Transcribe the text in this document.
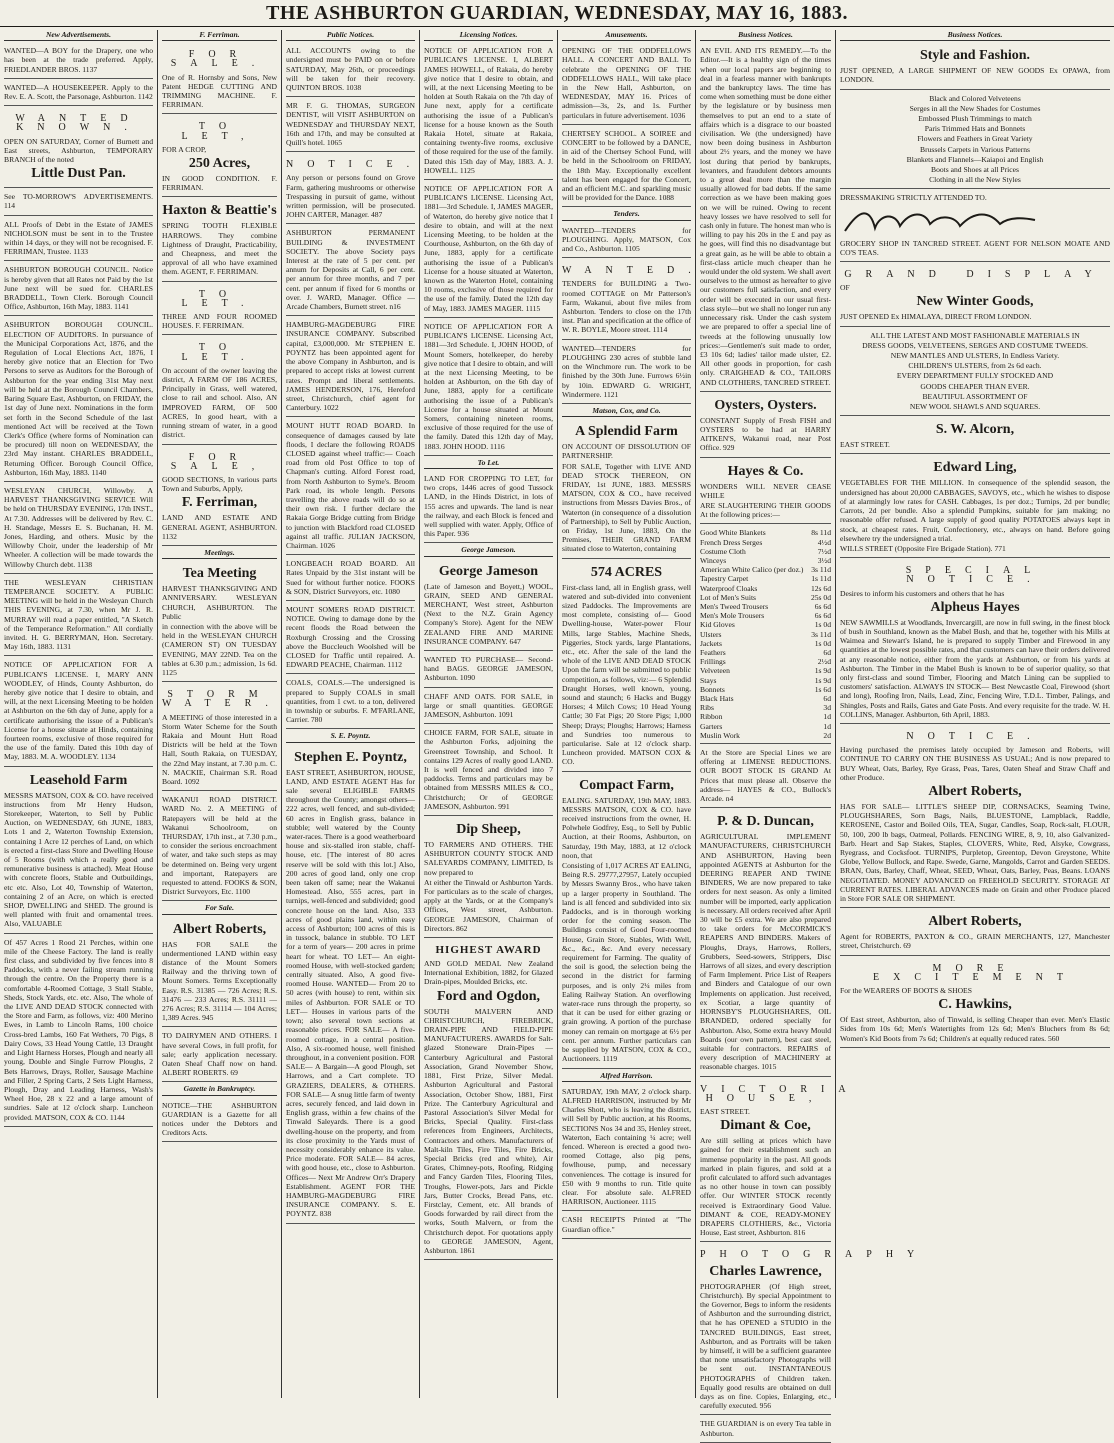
THE ASHBURTON GUARDIAN, WEDNESDAY, MAY 16, 1883.
New Advertisements.

WANTED—A BOY for the Drapery, one who has been at the trade preferred. Apply, FRIEDLANDER BROS. 1137

WANTED—A HOUSEKEEPER. Apply to the Rev. E. A. Scott, the Parsonage, Ashburton. 1142

WANTED KNOWN.

OPEN ON SATURDAY, Corner of Burnett and East streets, Ashburton, TEMPORARY BRANCH of the noted

Little Dust Pan.

See TO-MORROW'S ADVERTISEMENTS. 114

ALL Proofs of Debt in the Estate of JAMES NICHOLSON must be sent in to the Trustee within 14 days, or they will not be recognised. F. FERRIMAN, Trustee. 1133

ASHBURTON BOROUGH COUNCIL. Notice is hereby given that all Rates not Paid by the 1st June next will be sued for. CHARLES BRADDELL, Town Clerk. Borough Council Office, Ashburton, 16th May, 1883. 1141

ASHBURTON BOROUGH COUNCIL. ELECTION OF AUDITORS. In pursuance of the Municipal Corporations Act, 1876, and the Regulation of Local Elections Act, 1876, I hereby give notice that an Election for Two Persons to serve as Auditors for the Borough of Ashburton for the year ending 31st May next will be held at the Borough Council Chambers, Baring Square East, Ashburton, on FRIDAY, the 1st day of June next. Nominations in the form set forth in the Second Schedule of the last mentioned Act will be received at the Town Clerk's Office (where forms of Nomination can be procured) till noon on WEDNESDAY, the 23rd May instant. CHARLES BRADDELL, Returning Officer. Borough Council Office, Ashburton, 16th May, 1883. 1140

WESLEYAN CHURCH, Willowby. A HARVEST THANKSGIVING SERVICE Will be held on THURSDAY EVENING, 17th INST., At 7.30. Addresses will be delivered by Rev. C. H. Standage, Messrs E. S. Buchanan, H. M. Jones, Harding, and others. Music by the Willowby Choir, under the leadership of Mr Wheeler. A collection will be made towards the Willowby Church debt. 1138

THE WESLEYAN CHRISTIAN TEMPERANCE SOCIETY. A PUBLIC MEETING will be held in the Wesleyan Church THIS EVENING, at 7.30, when Mr J. R. MURRAY will read a paper entitled, "A Sketch of the Temperance Reformation." All cordially invited. H. G. BERRYMAN, Hon. Secretary. May 16th, 1883. 1131

NOTICE OF APPLICATION FOR A PUBLICAN'S LICENSE. I, MARY ANN WOODLEY, of Hinds, County Ashburton, do hereby give notice that I desire to obtain, and will, at the next Licensing Meeting to be holden at Ashburton on the 6th day of June, apply for a certificate authorising the issue of a Publican's License for a house situate at Hinds, containing fourteen rooms, exclusive of those required for the use of the family. Dated this 10th day of May, 1883. M. A. WOODLEY. 1134

Leasehold Farm

MESSRS MATSON, COX & CO. have received instructions from Mr Henry Hudson, Storekeeper, Waterton, to Sell by Public Auction, on WEDNESDAY, 6th JUNE, 1883, Lots 1 and 2, Waterton Township Extension, containing 1 Acre 12 perches of Land, on which is erected a first-class Store and Dwelling House of 5 Rooms (with which a really good and remunerative business is attached). Meat House with concrete floors, Stable and Outbuildings, etc etc. Also, Lot 40, Township of Waterton, containing 2 of an Acre, on which is erected SHOP, DWELLING and SHED. The ground is well planted with fruit and ornamental trees. Also, VALUABLE

Of 457 Acres 1 Rood 21 Perches, within one mile of the Cheese Factory. The land is really first class, and subdivided by five fences into 8 Paddocks, with a never failing stream running through the centre. On the Property there is a comfortable 4-Roomed Cottage, 3 Stall Stable, Sheds, Stock Yards, etc. etc. Also, The whole of the LIVE AND DEAD STOCK connected with the Store and Farm, as follows, viz: 400 Merino Ewes, in Lamb to Lincoln Rams, 100 choice Cross-bred Lambs, 160 Fat Wethers, 70 Pigs, 8 Dairy Cows, 33 Head Young Cattle, 13 Draught and Light Harness Horses, Plough and nearly all young, Double and Single Furrow Ploughs, 2 Bets Harrows, Drays, Roller, Sausage Machine and Filler, 2 Spring Carts, 2 Sets Light Harness, Plough, Dray and Leading Harness, Wash's Wheel Hoe, 28 x 22 and a large amount of sundries. Sale at 12 o'clock sharp. Luncheon provided. MATSON, COX & CO. 1144

F. Ferriman.
FOR SALE.

One of R. Hornsby and Sons, New Patent HEDGE CUTTING AND TRIMMING MACHINE. F. FERRIMAN.

TO LET,

FOR A CROP,

250 Acres,

IN GOOD CONDITION. F. FERRIMAN.

Haxton & Beattie's

SPRING TOOTH FLEXIBLE HARROWS. They combine Lightness of Draught, Practicability, and Cheapness, and meet the approval of all who have examined them. AGENT, F. FERRIMAN.

TO LET.

THREE AND FOUR ROOMED HOUSES. F. FERRIMAN.

TO LET.

On account of the owner leaving the district, A FARM OF 186 ACRES, Principally in Grass, well watered, close to rail and school. Also, AN IMPROVED FARM, OF 500 ACRES, In good heart, with a running stream of water, in a good district.

FOR SALE,

GOOD SECTIONS, In various parts Town and Suburbs, Apply,

F. Ferriman,

LAND AND ESTATE AND GENERAL AGENT, ASHBURTON. 1132

Meetings.
Tea Meeting

HARVEST THANKSGIVING AND ANNIVERSARY. WESLEYAN CHURCH, ASHBURTON. The Public

in connection with the above will be held in the WESLEYAN CHURCH (CAMERON ST) ON TUESDAY EVENING, MAY 22ND. Tea on the tables at 6.30 p.m.; admission, 1s 6d. 1125

STORM WATER.

A MEETING of those interested in a Storm Water Scheme for the South Rakaia and Mount Hutt Road Districts will be held at the Town Hall, South Rakaia, on TUESDAY, the 22nd May instant, at 7.30 p.m. C. N. MACKIE, Chairman S.R. Road Board. 1092

WAKANUI ROAD DISTRICT. WARD No. 2. A MEETING of Ratepayers will be held at the Wakanui Schoolroom, on THURSDAY, 17th inst., at 7.30 p.m., to consider the serious encroachment of water, and take such steps as may be determined on. Being very urgent and important, Ratepayers are requested to attend. FOOKS & SON, District Surveyors, Etc. 1100

For Sale.
Albert Roberts,

HAS FOR SALE the undermentioned LAND within easy distance of the Mount Somers Railway and the thriving town of Mount Somers. Terms Exceptionally Easy. R.S. 31385 — 726 Acres; R.S. 31476 — 233 Acres; R.S. 31111 — 276 Acres; R.S. 31114 — 104 Acres; 1,389 Acres. 945

TO DAIRYMEN AND OTHERS. I have several Cows, in full profit, for sale; early application necessary. Oaten Sheaf Chaff now on hand. ALBERT ROBERTS. 69

Gazette in Bankruptcy.

NOTICE—THE ASHBURTON GUARDIAN is a Gazette for all notices under the Debtors and Creditors Acts.

Public Notices.

ALL ACCOUNTS owing to the undersigned must be PAID on or before SATURDAY, May 26th, or proceedings will be taken for their recovery. QUINTON BROS. 1038

MR F. G. THOMAS, SURGEON DENTIST, will VISIT ASHBURTON on WEDNESDAY and THURSDAY NEXT, 16th and 17th, and may be consulted at Quill's hotel. 1065

NOTICE.

Any person or persons found on Grove Farm, gathering mushrooms or otherwise Trespassing in pursuit of game, without written permission, will be prosecuted. JOHN CARTER, Manager. 487

ASHBURTON PERMANENT BUILDING & INVESTMENT SOCIETY. The above Society pays Interest at the rate of 5 per cent. per annum for Deposits at Call, 6 per cent. per annum for three months, and 7 per cent. per annum if fixed for 6 months or over. J. WARD, Manager. Office — Arcade Chambers, Burnett street. n16

HAMBURG-MAGDEBURG FIRE INSURANCE COMPANY. Subscribed capital, £3,000,000. Mr STEPHEN E. POYNTZ has been appointed agent for the above Company in Ashburton, and is prepared to accept risks at lowest current rates. Prompt and liberal settlements. JAMES HENDERSON, 176, Hereford street, Christchurch, chief agent for Canterbury. 1022

MOUNT HUTT ROAD BOARD. In consequence of damages caused by late floods, I declare the following ROADS CLOSED against wheel traffic:— Coach road from old Post Office to top of Chapman's cutting. Alford Forest road, from North Ashburton to Syme's. Broom Park road, its whole length. Persons travelling the above roads will do so at their own risk. I further declare the Rakaia Gorge Bridge cutting from Bridge to junction with Blackford road CLOSED against all traffic. JULIAN JACKSON, Chairman. 1026

LONGBEACH ROAD BOARD. All Rates Unpaid by the 31st instant will be Sued for without further notice. FOOKS & SON, District Surveyors, etc. 1080

MOUNT SOMERS ROAD DISTRICT. NOTICE. Owing to damage done by the recent floods the Road between the Roxburgh Crossing and the Crossing above the Buccleuch Woolshed will be CLOSED for Traffic until repaired. A. EDWARD PEACHE, Chairman. 1112

COALS, COALS.—The undersigned is prepared to Supply COALS in small quantities, from 1 cwt. to a ton, delivered in township or suburbs. F. M'FARLANE, Carrier. 780

S. E. Poyntz.
Stephen E. Poyntz,

EAST STREET, ASHBURTON, HOUSE, LAND, AND ESTATE AGENT Has for sale several ELIGIBLE FARMS throughout the County; amongst others— 222 acres, well fenced, and sub-divided; 60 acres in English grass, balance in stubble; well watered by the County water-races. There is a good weatherboard house and six-stalled iron stable, chaff-house, etc. [The interest of 80 acres reserve will be sold with this lot.] Also, 200 acres of good land, only one crop been taken off same; near the Wakanui Homestead. Also, 555 acres, part in turnips, well-fenced and subdivided; good concrete house on the land. Also, 333 acres of good plains land, within easy access of Ashburton; 100 acres of this is in tussock, balance in stubble. TO LET for a term of years— 200 acres in prime heart for wheat. TO LET— An eight-roomed House, with well-stocked garden; centrally situated. Also, A good five-roomed House. WANTED— From 20 to 50 acres (with house) to rent, within six miles of Ashburton. FOR SALE or TO LET— Houses in various parts of the town; also several town sections at reasonable prices. FOR SALE— A five-roomed cottage, in a central position. Also, A six-roomed house, well finished throughout, in a convenient position. FOR SALE— A Bargain—A good Plough, set Harrows, and a Cart complete. TO GRAZIERS, DEALERS, & OTHERS. FOR SALE— A snug little farm of twenty acres, securely fenced, and laid down in English grass, within a few chains of the Tinwald Saleyards. There is a good dwelling-house on the property, and from its close proximity to the Yards must of necessity considerably enhance its value. Price moderate. FOR SALE— 84 acres, with good house, etc., close to Ashburton. Offices— Next Mr Andrew Orr's Drapery Establishment. AGENT FOR THE HAMBURG-MAGDEBURG FIRE INSURANCE COMPANY. S. E. POYNTZ. 838

Licensing Notices.

NOTICE OF APPLICATION FOR A PUBLICAN'S LICENSE. I, ALBERT JAMES HOWELL, of Rakaia, do hereby give notice that I desire to obtain, and will, at the next Licensing Meeting to be holden at South Rakaia on the 7th day of June next, apply for a certificate authorising the issue of a Publican's license for a house known as the South Rakaia Hotel, situate at Rakaia, containing twenty-five rooms, exclusive of those required for the use of the family. Dated this 15th day of May, 1883. A. J. HOWELL. 1125

NOTICE OF APPLICATION FOR A PUBLICAN'S LICENSE. Licensing Act, 1881—3rd Schedule. I, JAMES MAGER, of Waterton, do hereby give notice that I desire to obtain, and will at the next Licensing Meeting, to be holden at the Courthouse, Ashburton, on the 6th day of June, 1883, apply for a certificate authorising the issue of a Publican's License for a house situated at Waterton, known as the Waterton Hotel, containing 10 rooms, exclusive of those required for the use of the family. Dated the 12th day of May, 1883. JAMES MAGER. 1115

NOTICE OF APPLICATION FOR A PUBLICAN'S LICENSE. Licensing Act, 1881—3rd Schedule. I, JOHN HOOD, of Mount Somers, hotelkeeper, do hereby give notice that I desire to obtain, and will at the next Licensing Meeting, to be holden at Ashburton, on the 6th day of June, 1883, apply for a certificate authorising the issue of a Publican's License for a house situated at Mount Somers, containing nineteen rooms, exclusive of those required for the use of the family. Dated this 12th day of May, 1883. JOHN HOOD. 1116

To Let.

LAND FOR CROPPING TO LET, for two crops, 1446 acres of good Tussock LAND, in the Hinds District, in lots of 155 acres and upwards. The land is near the railway, and each Block is fenced and well supplied with water. Apply, Office of this Paper. 936

George Jameson.
George Jameson

(Late of Jameson and Boyett,) WOOL, GRAIN, SEED AND GENERAL MERCHANT, West street, Ashburton (Next to the N.Z. Grain Agency Company's Store). Agent for the NEW ZEALAND FIRE AND MARINE INSURANCE COMPANY. 647

WANTED TO PURCHASE— Second-hand BAGS. GEORGE JAMESON, Ashburton. 1090

CHAFF AND OATS. FOR SALE, in large or small quantities. GEORGE JAMESON, Ashburton. 1091

CHOICE FARM, FOR SALE, situate in the Ashburton Forks, adjoining the Greenstreet Township, and School. It contains 129 Acres of really good LAND. It is well fenced and divided into 7 paddocks. Terms and particulars may be obtained from MESSRS MILES & CO., Christchurch; Or of GEORGE JAMESON, Ashburton. 991

Dip Sheep,

TO FARMERS AND OTHERS. THE ASHBURTON COUNTY STOCK AND SALEYARDS COMPANY, LIMITED, Is now prepared to

At either the Tinwald or Ashburton Yards. For particulars as to the scale of charges, apply at the Yards, or at the Company's Offices, West street, Ashburton. GEORGE JAMESON, Chairman of Directors. 862

HIGHEST AWARD

AND GOLD MEDAL New Zealand International Exhibition, 1882, for Glazed Drain-pipes, Moulded Bricks, etc.

Ford and Ogdon,

SOUTH MALVERN AND CHRISTCHURCH, FIREBRICK, DRAIN-PIPE AND FIELD-PIPE MANUFACTURERS. AWARDS for Salt-glazed Stoneware Drain-Pipes — Canterbury Agricultural and Pastoral Association, Grand November Show, 1881, First Prize, Silver Medal. Ashburton Agricultural and Pastoral Association, October Show, 1881, First Prize. The Canterbury Agricultural and Pastoral Association's Silver Medal for Bricks, Special Quality. First-class references from Engineers, Architects, Contractors and others. Manufacturers of Malt-kiln Tiles, Fire Tiles, Fire Bricks, Special Bricks (red and white), Air Grates, Chimney-pots, Roofing, Ridging and Fancy Garden Tiles, Flooring Tiles, Troughs, Flower-pots, Jars and Pickle Jars, Butter Crocks, Bread Pans, etc. Firstclay, Cement, etc. All brands of Goods forwarded by rail direct from the works, South Malvern, or from the Christchurch depot. For quotations apply to GEORGE JAMESON, Agent, Ashburton. 1861

Amusements.

OPENING OF THE ODDFELLOWS HALL. A CONCERT AND BALL To celebrate the OPENING OF THE ODDFELLOWS HALL, Will take place in the New Hall, Ashburton, on WEDNESDAY, MAY 16. Prices of admission—3s, 2s, and 1s. Further particulars in future advertisement. 1036

CHERTSEY SCHOOL. A SOIREE and CONCERT to be followed by a DANCE, in aid of the Chertsey School Fund, will be held in the Schoolroom on FRIDAY, the 18th May. Exceptionally excellent talent has been engaged for the Concert, and an efficient M.C. and sparkling music will be provided for the Dance. 1088

Tenders.

WANTED—TENDERS for PLOUGHING. Apply, MATSON, Cox and Co., Ashburton. 1105

WANTED.

TENDERS for BUILDING a Two-roomed COTTAGE on Mr Patterson's Farm, Wakanui, about five miles from Ashburton. Tenders to close on the 17th inst. Plan and specification at the office of W. R. BOYLE, Moore street. 1114

WANTED—TENDERS for PLOUGHING 230 acres of stubble land on the Winchmore run. The work to be finished by the 30th June. Furrows 6½in by 10in. EDWARD G. WRIGHT, Windermere. 1121

Matson, Cox, and Co.
A Splendid Farm

ON ACCOUNT OF DISSOLUTION OF PARTNERSHIP.

FOR SALE, Together with LIVE AND DEAD STOCK THEREON, ON FRIDAY, 1st JUNE, 1883. MESSRS MATSON, COX & CO., have received instructions from Messrs Davies Bros., of Waterton (in consequence of a dissolution of Partnership), to Sell by Public Auction, on Friday, 1st June, 1883, On the Premises, THEIR GRAND FARM situated close to Waterton, containing

574 ACRES

First-class land, all in English grass, well watered and sub-divided into convenient sized Paddocks. The Improvements are most complete, consisting of— Good Dwelling-house, Water-power Flour Mills, large Stables, Machine Sheds, Piggeries, Stock yards, large Plantations, etc., etc. After the sale of the land the whole of the LIVE AND DEAD STOCK Upon the farm will be submitted to public competition, as follows, viz:— 6 Splendid Draught Horses, well known, young, sound and staunch; 6 Hacks and Buggy Horses; 4 Milch Cows; 10 Head Young Cattle; 30 Fat Pigs; 20 Store Pigs; 1,000 Sheep; Drays; Ploughs; Harrows; Harness and Sundries too numerous to particularise. Sale at 12 o'clock sharp. Luncheon provided. MATSON COX & CO.

Compact Farm,

EALING. SATURDAY, 19th MAY, 1883. MESSRS MATSON, COX & CO. have received instructions from the owner, H. Polwhele Godfrey, Esq., to Sell by Public Auction, at their Rooms, Ashburton, on Saturday, 19th May, 1883, at 12 o'clock noon, that

Consisting of 1,017 ACRES AT EALING, Being R.S. 29777,27957, Lately occupied by Messrs Swanny Bros., who have taken up a larger property in Southland. The land is all fenced and subdivided into six Paddocks, and is in thorough working order for the coming season. The Buildings consist of Good Four-roomed House, Grain Store, Stables, With Well, &c., &c., &c. And every necessary requirement for Farming. The quality of the soil is good, the selection being the second in the district for farming purposes, and is only 2¼ miles from Ealing Railway Station. An overflowing water-race runs through the property, so that it can be used for either grazing or grain growing. A portion of the purchase money can remain on mortgage at 6½ per cent. per annum. Further particulars can be supplied by MATSON, COX & CO., Auctioneers. 1119

Alfred Harrison.

SATURDAY, 19th MAY, 2 o'clock sharp. ALFRED HARRISON, instructed by Mr Charles Shott, who is leaving the district, will Sell by Public auction, at his Rooms, SECTIONS Nos 34 and 35, Henley street, Waterton, Each containing ¼ acre; well fenced. Whereon is erected a good two-roomed Cottage, also pig pens, fowlhouse, pump, and necessary conveniences. The cottage is insured for £50 with 9 months to run. Title quite clear. For absolute sale. ALFRED HARRISON, Auctioneer. 1115

CASH RECEIPTS Printed at "The Guardian office."

Business Notices.

AN EVIL AND ITS REMEDY.—To the Editor.—It is a healthy sign of the times when our local papers are beginning to deal in a fearless manner with bankrupts and the bankruptcy laws. The time has come when something must be done either by the legislature or by business men themselves to put an end to a state of affairs which is a disgrace to our boasted civilisation. We (the undersigned) have now been doing business in Ashburton about 2½ years, and the money we have lost during that period by bankrupts, levanters, and fraudulent debtors amounts to a great deal more than the margin usually allowed for bad debts. If the same correction as we have been making goes on we will be ruined. Owing to recent heavy losses we have resolved to sell for cash only in future. The honest man who is willing to pay his 20s in the £ and pay as he goes, will find this no disadvantage but a great gain, as he will be able to obtain a first-class article much cheaper than he would under the old system. We shall avert ourselves to the utmost as hereafter to give our customers full satisfaction, and every order will be executed in our usual first-class style—but we shall no longer run any unnecessary risk. Under the cash system we are prepared to offer a special line of tweeds at the following unusually low prices:—Gentlemen's suit made to order, £3 10s 6d; ladies' tailor made ulster, £2. All other goods in proportion, for cash only. CRAIGHEAD & CO., TAILORS AND CLOTHIERS, TANCRED STREET.

Oysters, Oysters.

CONSTANT Supply of Fresh FISH and OYSTERS to be had at HARRY AITKEN'S, Wakanui road, near Post Office. 929

Hayes & Co.

WONDERS WILL NEVER CEASE WHILE

ARE SLAUGHTERING THEIR GOODS At the following prices:—

Good White Blankets	8s 11d
French Dress Serges	4½d
Costume Cloth	7½d
Winceys	3½d
American White Calico (per doz.) 3s 11d
Tapestry Carpet	1s 11d
Waterproof Cloaks	12s 6d
Lot of Men's Suits	25s 0d
Men's Tweed Trousers	6s 6d
Men's Mole Trousers	6s 6d
Kid Gloves	1s 0d
Ulsters	3s 11d
Jackets	1s 0d
Feathers	6d
Frillings	2½d
Velveteen	1s 9d
Stays	1s 9d
Bonnets	1s 6d
Black Hats	6d
Ribs	3d
Ribbon	1d
Garters	1d
Muslin Work	2d

At the Store are Special Lines we are offering at LIMENSE REDUCTIONS. OUR BOOT STOCK IS GRAND At Prices that must please all. Observe the address— HAYES & CO., Bullock's Arcade. n4

P. & D. Duncan,

AGRICULTURAL IMPLEMENT MANUFACTURERS, CHRISTCHURCH AND ASHBURTON, Having been appointed AGENTS at Ashburton for the DEERING REAPER AND TWINE BINDERS, We are now prepared to take orders for next season. As only a limited number will be imported, early application is necessary. All orders received after April 30 will be £5 extra. We are also prepared to take orders for McCORMICK'S REAPERS AND BINDERS. Makers of Ploughs, Drays, Harrows, Rollers, Grubbers, Seed-sowers, Strippers, Disc Harrows of all sizes, and every description of Farm Implement. Price List of Reapers and Binders and Catalogue of our own Implements on application. Just received, ex Scotiar, a large quantity of HORNSBY'S PLOUGHSHARES, OIL BRANDED, ordered specially for Ashburton. Also, Some extra heavy Mould Boards (our own pattern), best cast steel, suitable for contractors. REPAIRS of every description of MACHINERY at reasonable charges. 1015

VICTORIA HOUSE,

EAST STREET.

Dimant & Coe,

Are still selling at prices which have gained for their establishment such an immense popularity in the past. All goods marked in plain figures, and sold at a profit calculated to afford such advantages as no other house in town can possibly offer. Our WINTER STOCK recently received is Extraordinary Good Value. DIMANT & COE, READY-MONEY DRAPERS CLOTHIERS, &c., Victoria House, East street, Ashburton. 816

PHOTOGRAPHY
Charles Lawrence,

PHOTOGRAPHER (Of High street, Christchurch). By special Appointment to the Governor, Begs to inform the residents of Ashburton and the surrounding district, that he has OPENED a STUDIO in the TANCRED BUILDINGS, East street, Ashburton, and as Portraits will be taken by himself, it will be a sufficient guarantee that none unsatisfactory Photographs will be sent out. INSTANTANEOUS PHOTOGRAPHS of Children taken. Equally good results are obtained on dull days as on fine. Copies, Enlarging, etc., carefully executed. 956

THE GUARDIAN is on every Tea table in Ashburton.

Business Notices.
Style and Fashion.

JUST OPENED, A LARGE SHIPMENT OF NEW GOODS Ex OPAWA, from LONDON.

Black and Colored Velveteens

Serges in all the New Shades for Costumes

Embossed Plush Trimmings to match

Paris Trimmed Hats and Bonnets

Flowers and Feathers in Great Variety

Brussels Carpets in Various Patterns

Blankets and Flannels—Kaiapoi and English

Boots and Shoes at all Prices

Clothing in all the New Styles

DRESSMAKING STRICTLY ATTENDED TO.

GROCERY SHOP IN TANCRED STREET. AGENT FOR NELSON MOATE AND CO'S TEAS.

GRAND DISPLAY

OF

New Winter Goods,

JUST OPENED Ex HIMALAYA, DIRECT FROM LONDON.

ALL THE LATEST AND MOST FASHIONABLE MATERIALS IN

DRESS GOODS, VELVETEENS, SERGES AND COSTUME TWEEDS.

NEW MANTLES AND ULSTERS, In Endless Variety.

CHILDREN'S ULSTERS, from 2s 6d each.

EVERY DEPARTMENT FULLY STOCKED AND

GOODS CHEAPER THAN EVER.

BEAUTIFUL ASSORTMENT OF

NEW WOOL SHAWLS AND SQUARES.

S. W. Alcorn,

EAST STREET.

Edward Ling,

VEGETABLES FOR THE MILLION. In consequence of the splendid season, the undersigned has about 20,000 CABBAGES, SAVOYS, etc., which he wishes to dispose of at alarmingly low rates for CASH. Cabbages, 1s per doz.; Turnips, 2d per bundle; Carrots, 2d per bundle. Also a splendid Pumpkins, suitable for jam making; no reasonable offer refused. A large supply of good quality POTATOES always kept in stock, at cheapest rates. Fruit, Confectionery, etc., always on hand. Before going elsewhere try the undersigned a trial.

WILLS STREET (Opposite Fire Brigade Station). 771

SPECIAL NOTICE.

Desires to inform his customers and others that he has

Alpheus Hayes

NEW SAWMILLS at Woodlands, Invercargill, are now in full swing, in the finest block of bush in Southland, known as the Mabel Bush, and that he, together with his Mills at Waimea and Stewart's Island, he is prepared to supply Timber and Firewood in any quantities at the lowest possible rates, and that customers can have their orders delivered at any reasonable notice, either from the yards at Ashburton, or from his yards at Ashburton. The Timber in the Mabel Bush is known to be of superior quality, so that only first-class and sound Timber, Flooring and Match Lining can be supplied to customers' satisfaction. ALWAYS IN STOCK— Best Newcastle Coal, Firewood (short and long), Roofing Iron, Nails, Lead, Zinc, Fencing Wire, T.D.L. Timber, Palings, and Shingles, Posts and Rails, Gates and Gate Posts. And every requisite for the trade. W. H. COLLINS, Manager. Ashburton, 6th April, 1883.

NOTICE.

Having purchased the premises lately occupied by Jameson and Roberts, will CONTINUE TO CARRY ON THE BUSINESS AS USUAL; And is now prepared to BUY Wheat, Oats, Barley, Rye Grass, Peas, Tares, Oaten Sheaf and Straw Chaff and other Produce.

Albert Roberts,

HAS FOR SALE— LITTLE'S SHEEP DIP, CORNSACKS, Seaming Twine, PLOUGHSHARES, Sorn Bags, Nails, BLUESTONE, Lampblack, Raddle, KEROSENE, Castor and Boiled Oils, TEA, Sugar, Candles, Soap, Rock-salt, FLOUR, 50, 100, 200 lb bags, Oatmeal, Pollards. FENCING WIRE, 8, 9, 10, also Galvanized-Barb. Heart and Sap Stakes, Staples, CLOVERS, White, Red, Alsyke, Cowgrass, Ryegrass, and Cocksfoot. TURNIPS, Purpletop, Greentop, Devon Greystone, White Globe, Yellow Bullock, and Rape. Swede, Garne, Mangolds, Carrot and Garden SEEDS. BRAN, Oats, Barley, Chaff, Wheat, SEED, Wheat, Oats, Barley, Peas, Beans. LOANS NEGOTIATED. MONEY ADVANCED on FREEHOLD SECURITY. STORAGE AT CURRENT RATES. LIBERAL ADVANCES made on Grain and other Produce placed in Store FOR SALE OR SHIPMENT.

Albert Roberts,

Agent for ROBERTS, PAXTON & CO., GRAIN MERCHANTS, 127, Manchester street, Christchurch. 69

MORE EXCITEMENT

For the WEARERS OF BOOTS & SHOES

C. Hawkins,

Of East street, Ashburton, also of Tinwald, is selling Cheaper than ever. Men's Elastic Sides from 10s 6d; Men's Watertights from 12s 6d; Men's Bluchers from 8s 6d; Women's Kid Boots from 7s 6d; Children's at equally reduced rates. 560
